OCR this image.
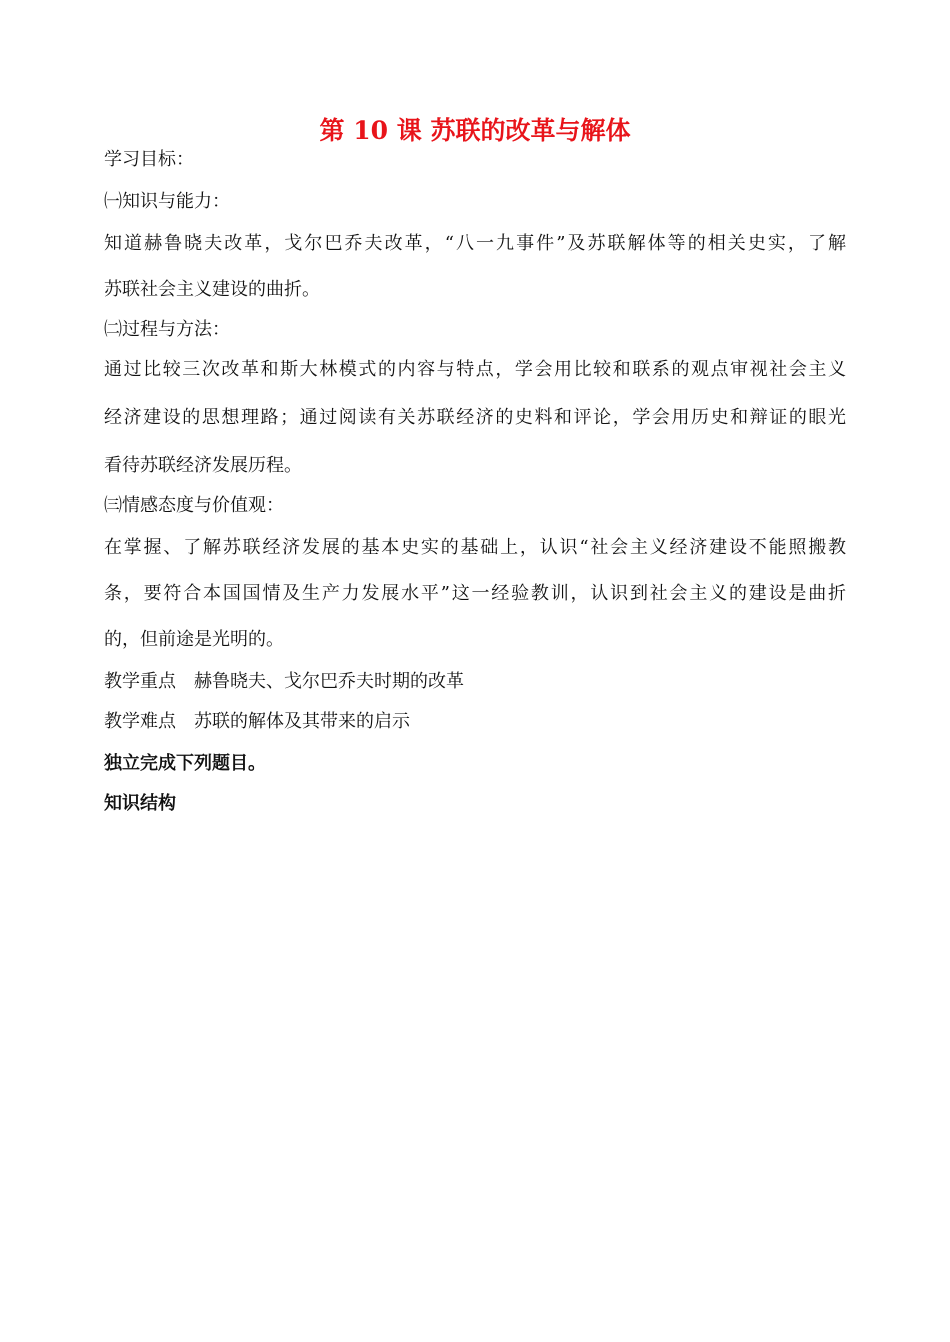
第 10 课 苏联的改革与解体
学习目标：
㈠知识与能力：
知道赫鲁晓夫改革，戈尔巴乔夫改革，“八一九事件”及苏联解体等的相关史实，了解
苏联社会主义建设的曲折。
㈡过程与方法：
通过比较三次改革和斯大林模式的内容与特点，学会用比较和联系的观点审视社会主义
经济建设的思想理路；通过阅读有关苏联经济的史料和评论，学会用历史和辩证的眼光
看待苏联经济发展历程。
㈢情感态度与价值观：
在掌握、了解苏联经济发展的基本史实的基础上，认识“社会主义经济建设不能照搬教
条，要符合本国国情及生产力发展水平”这一经验教训，认识到社会主义的建设是曲折
的，但前途是光明的。
教学重点 赫鲁晓夫、戈尔巴乔夫时期的改革
教学难点 苏联的解体及其带来的启示
独立完成下列题目。
知识结构
